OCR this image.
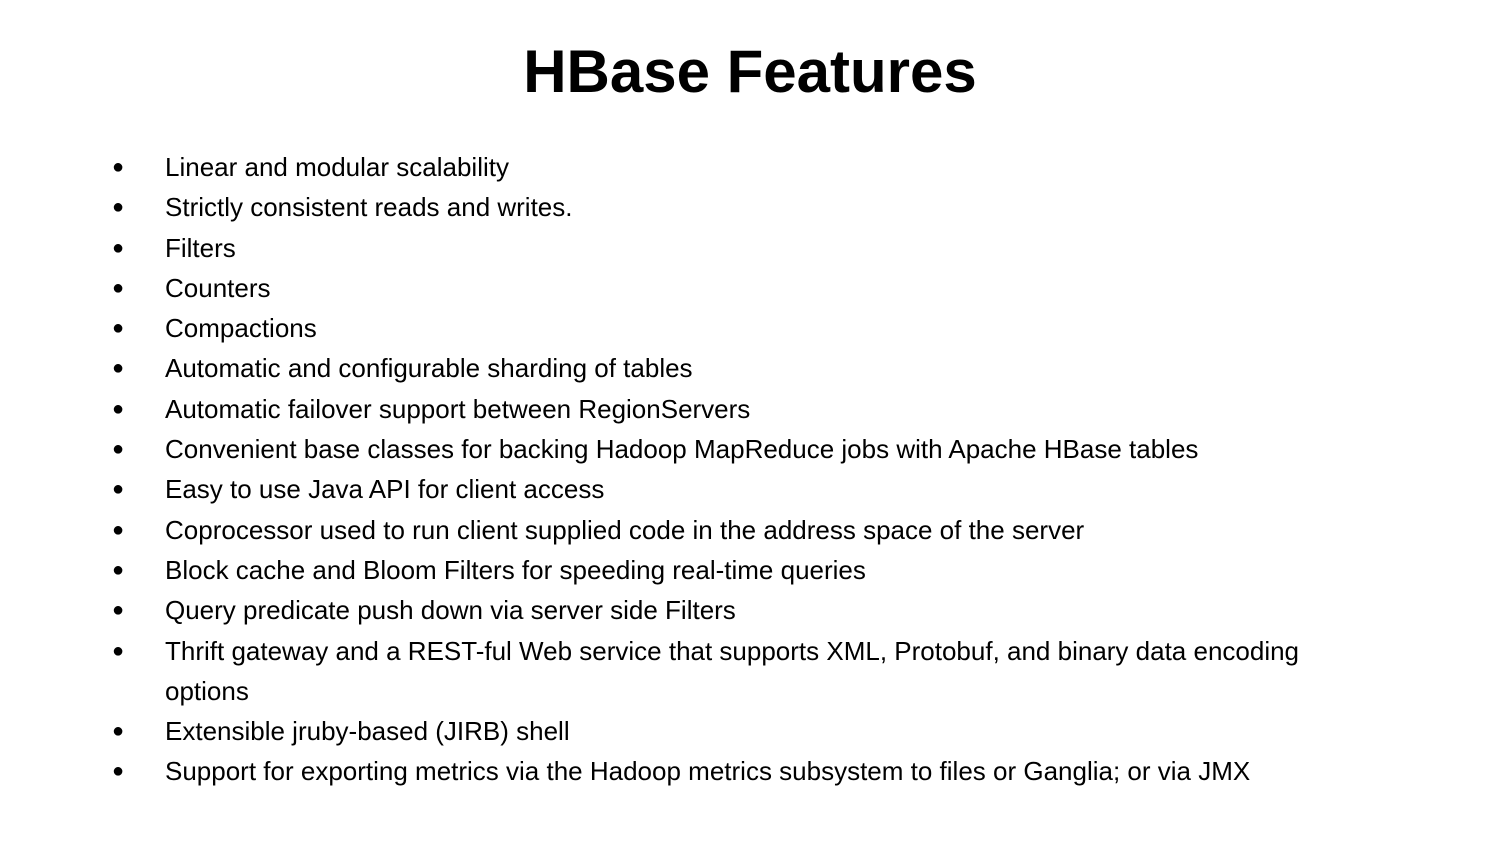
HBase Features
● Linear and modular scalability
● Strictly consistent reads and writes.
● Filters
● Counters
● Compactions
● Automatic and configurable sharding of tables
● Automatic failover support between RegionServers
● Convenient base classes for backing Hadoop MapReduce jobs with Apache HBase tables
● Easy to use Java API for client access
● Coprocessor used to run client supplied code in the address space of the server
● Block cache and Bloom Filters for speeding real-time queries
● Query predicate push down via server side Filters
● Thrift gateway and a REST-ful Web service that supports XML, Protobuf, and binary data encoding options
● Extensible jruby-based (JIRB) shell
● Support for exporting metrics via the Hadoop metrics subsystem to files or Ganglia; or via JMX
